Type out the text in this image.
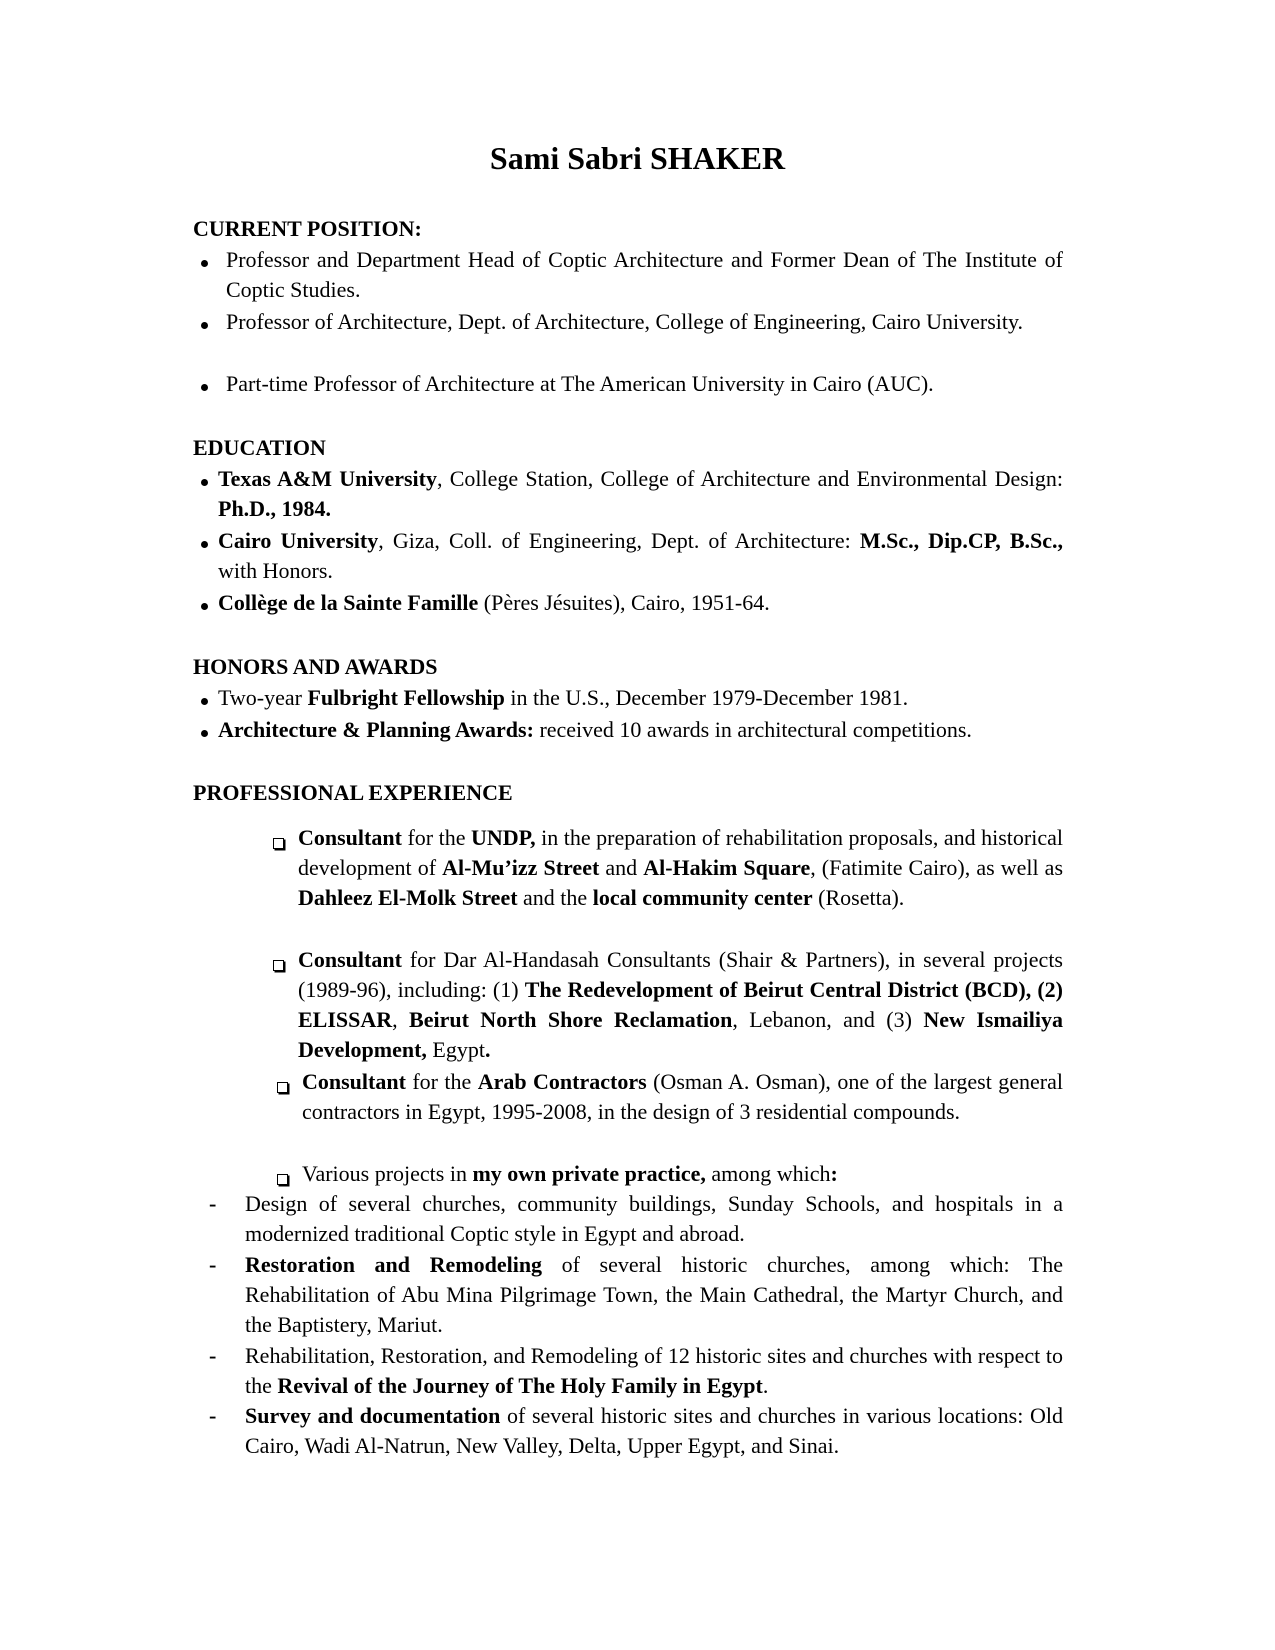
Sami Sabri SHAKER
CURRENT POSITION:
Professor and Department Head of Coptic Architecture and Former Dean of The Institute of Coptic Studies.
Professor of Architecture, Dept. of Architecture, College of Engineering, Cairo University.
Part-time Professor of Architecture at The American University in Cairo (AUC).
EDUCATION
Texas A&M University, College Station, College of Architecture and Environmental Design: Ph.D., 1984.
Cairo University, Giza, Coll. of Engineering, Dept. of Architecture: M.Sc., Dip.CP, B.Sc., with Honors.
Collège de la Sainte Famille (Pères Jésuites), Cairo, 1951-64.
HONORS AND AWARDS
Two-year Fulbright Fellowship in the U.S., December 1979-December 1981.
Architecture & Planning Awards: received 10 awards in architectural competitions.
PROFESSIONAL EXPERIENCE
Consultant for the UNDP, in the preparation of rehabilitation proposals, and historical development of Al-Mu’izz Street and Al-Hakim Square, (Fatimite Cairo), as well as Dahleez El-Molk Street and the local community center (Rosetta).
Consultant for Dar Al-Handasah Consultants (Shair & Partners), in several projects (1989-96), including: (1) The Redevelopment of Beirut Central District (BCD), (2) ELISSAR, Beirut North Shore Reclamation, Lebanon, and (3) New Ismailiya Development, Egypt.
Consultant for the Arab Contractors (Osman A. Osman), one of the largest general contractors in Egypt, 1995-2008, in the design of 3 residential compounds.
Various projects in my own private practice, among which:
- Design of several churches, community buildings, Sunday Schools, and hospitals in a modernized traditional Coptic style in Egypt and abroad.
- Restoration and Remodeling of several historic churches, among which: The Rehabilitation of Abu Mina Pilgrimage Town, the Main Cathedral, the Martyr Church, and the Baptistery, Mariut.
- Rehabilitation, Restoration, and Remodeling of 12 historic sites and churches with respect to the Revival of the Journey of The Holy Family in Egypt.
- Survey and documentation of several historic sites and churches in various locations: Old Cairo, Wadi Al-Natrun, New Valley, Delta, Upper Egypt, and Sinai.
